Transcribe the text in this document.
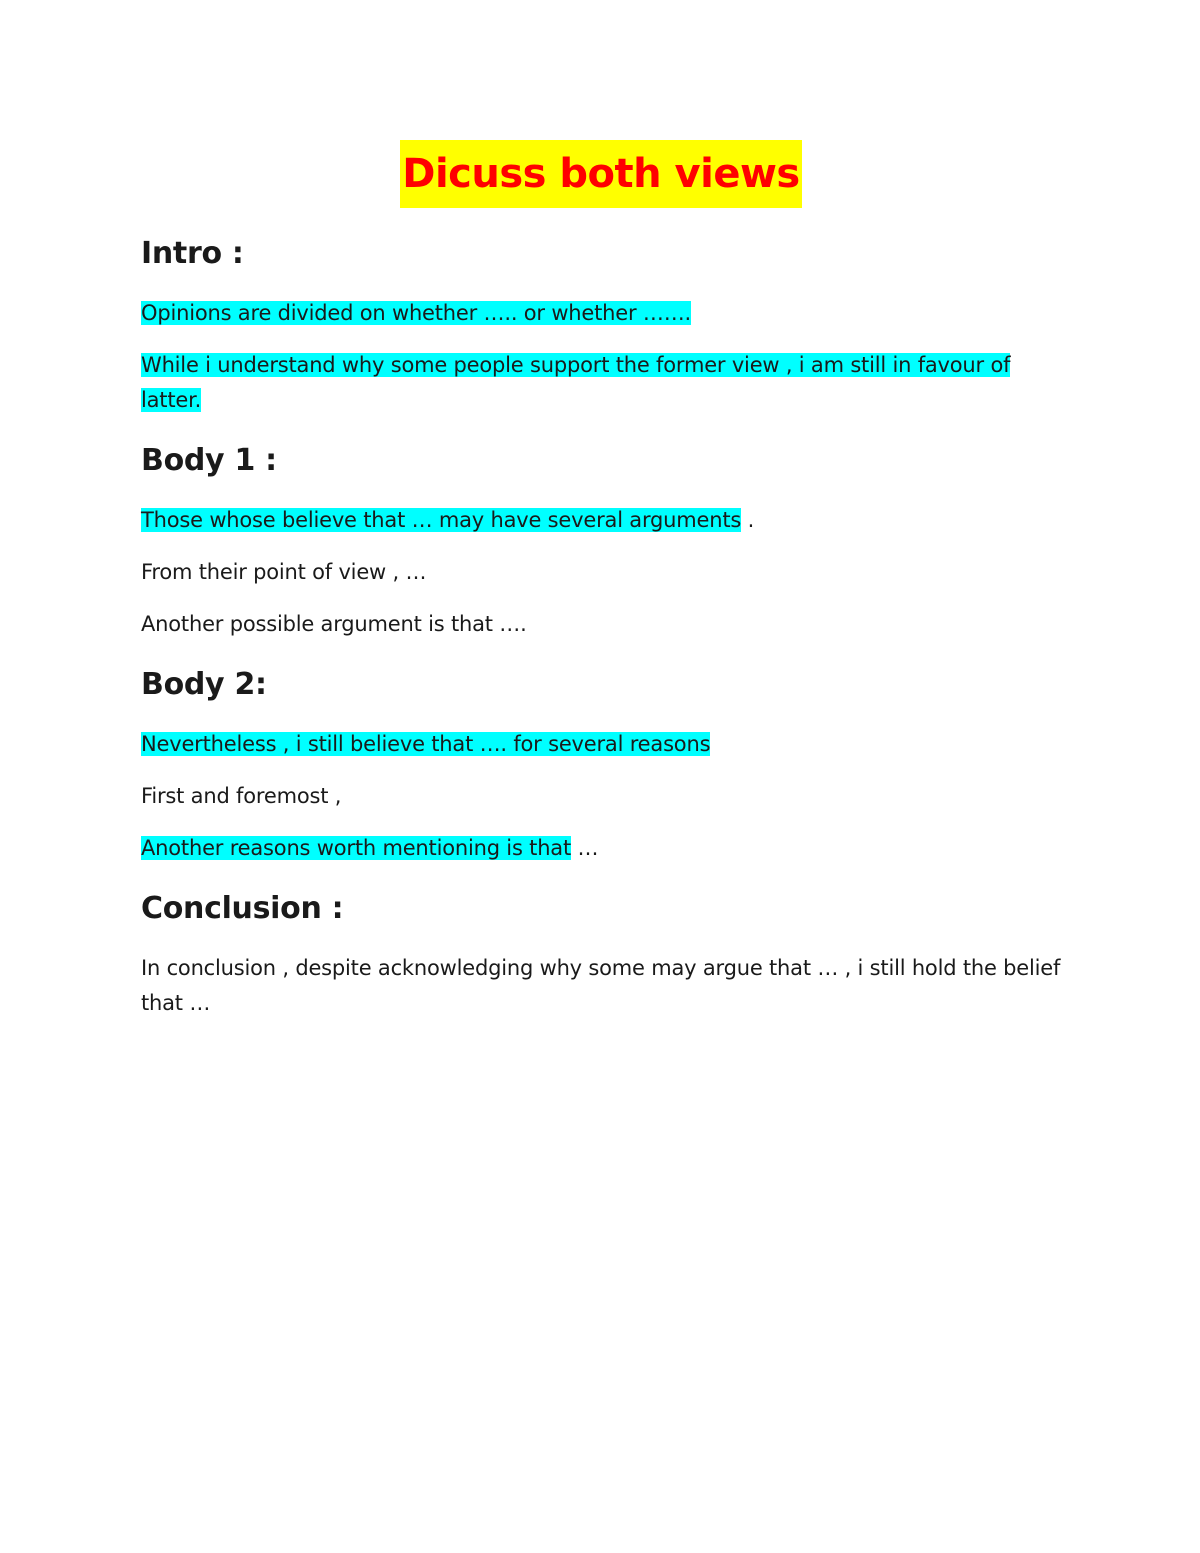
Dicuss both views
Intro :

Opinions are divided on whether ….. or whether …….

While i understand why some people support the former view , i am still in favour of latter.

Body 1 :

Those whose believe that … may have several arguments .

From their point of view , …

Another possible argument is that ….

Body 2:

Nevertheless , i still believe that …. for several reasons

First and foremost ,

Another reasons worth mentioning is that …

Conclusion :

In conclusion , despite acknowledging why some may argue that … , i still hold the belief that …
